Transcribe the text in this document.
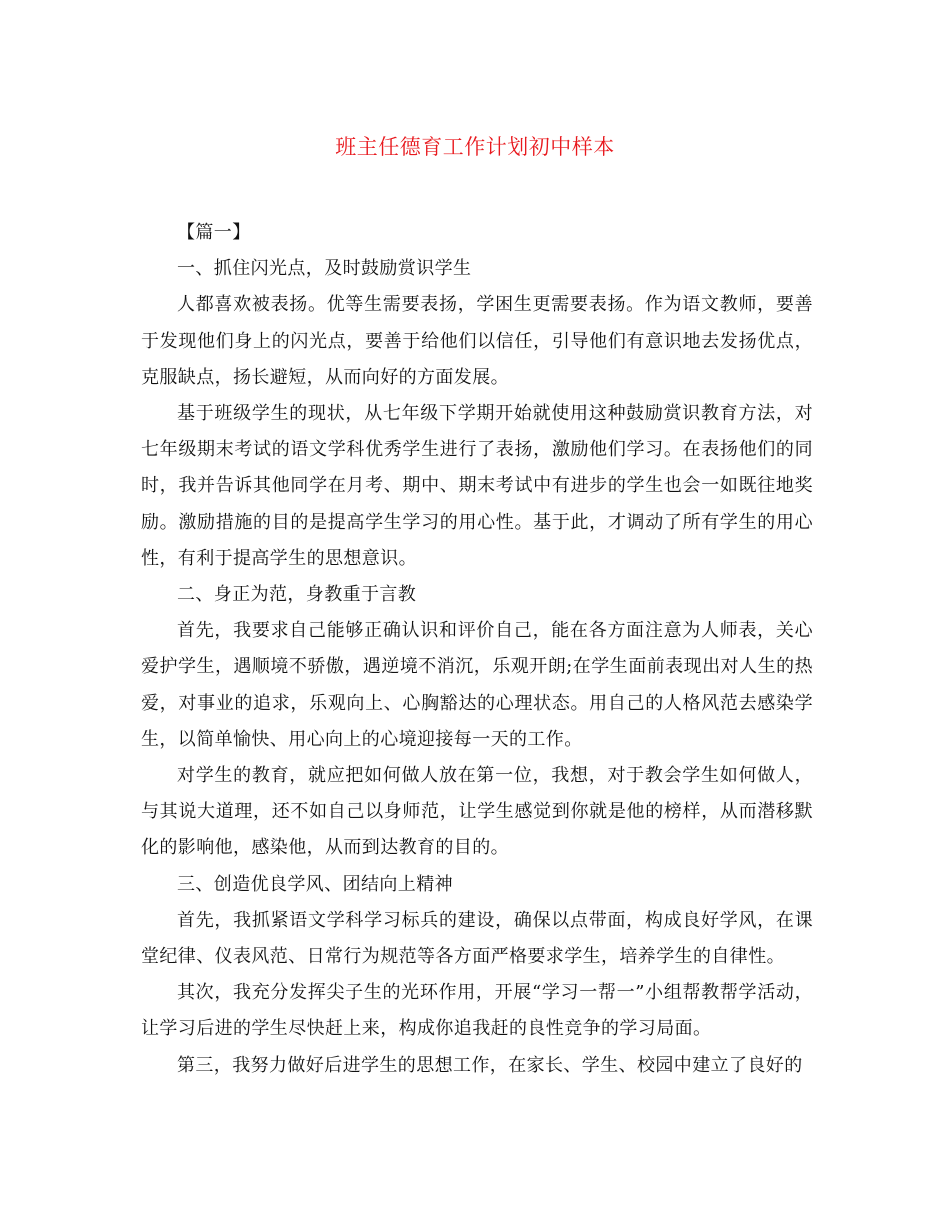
班主任德育工作计划初中样本

【篇一】

一、抓住闪光点，及时鼓励赏识学生

人都喜欢被表扬。优等生需要表扬，学困生更需要表扬。作为语文教师，要善于发现他们身上的闪光点，要善于给他们以信任，引导他们有意识地去发扬优点，克服缺点，扬长避短，从而向好的方面发展。

基于班级学生的现状，从七年级下学期开始就使用这种鼓励赏识教育方法，对七年级期末考试的语文学科优秀学生进行了表扬，激励他们学习。在表扬他们的同时，我并告诉其他同学在月考、期中、期末考试中有进步的学生也会一如既往地奖励。激励措施的目的是提高学生学习的用心性。基于此，才调动了所有学生的用心性，有利于提高学生的思想意识。

二、身正为范，身教重于言教

首先，我要求自己能够正确认识和评价自己，能在各方面注意为人师表，关心爱护学生，遇顺境不骄傲，遇逆境不消沉，乐观开朗;在学生面前表现出对人生的热爱，对事业的追求，乐观向上、心胸豁达的心理状态。用自己的人格风范去感染学生，以简单愉快、用心向上的心境迎接每一天的工作。

对学生的教育，就应把如何做人放在第一位，我想，对于教会学生如何做人，与其说大道理，还不如自己以身师范，让学生感觉到你就是他的榜样，从而潜移默化的影响他，感染他，从而到达教育的目的。

三、创造优良学风、团结向上精神

首先，我抓紧语文学科学习标兵的建设，确保以点带面，构成良好学风，在课堂纪律、仪表风范、日常行为规范等各方面严格要求学生，培养学生的自律性。

其次，我充分发挥尖子生的光环作用，开展“学习一帮一”小组帮教帮学活动，让学习后进的学生尽快赶上来，构成你追我赶的良性竞争的学习局面。

第三，我努力做好后进学生的思想工作，在家长、学生、校园中建立了良好的
